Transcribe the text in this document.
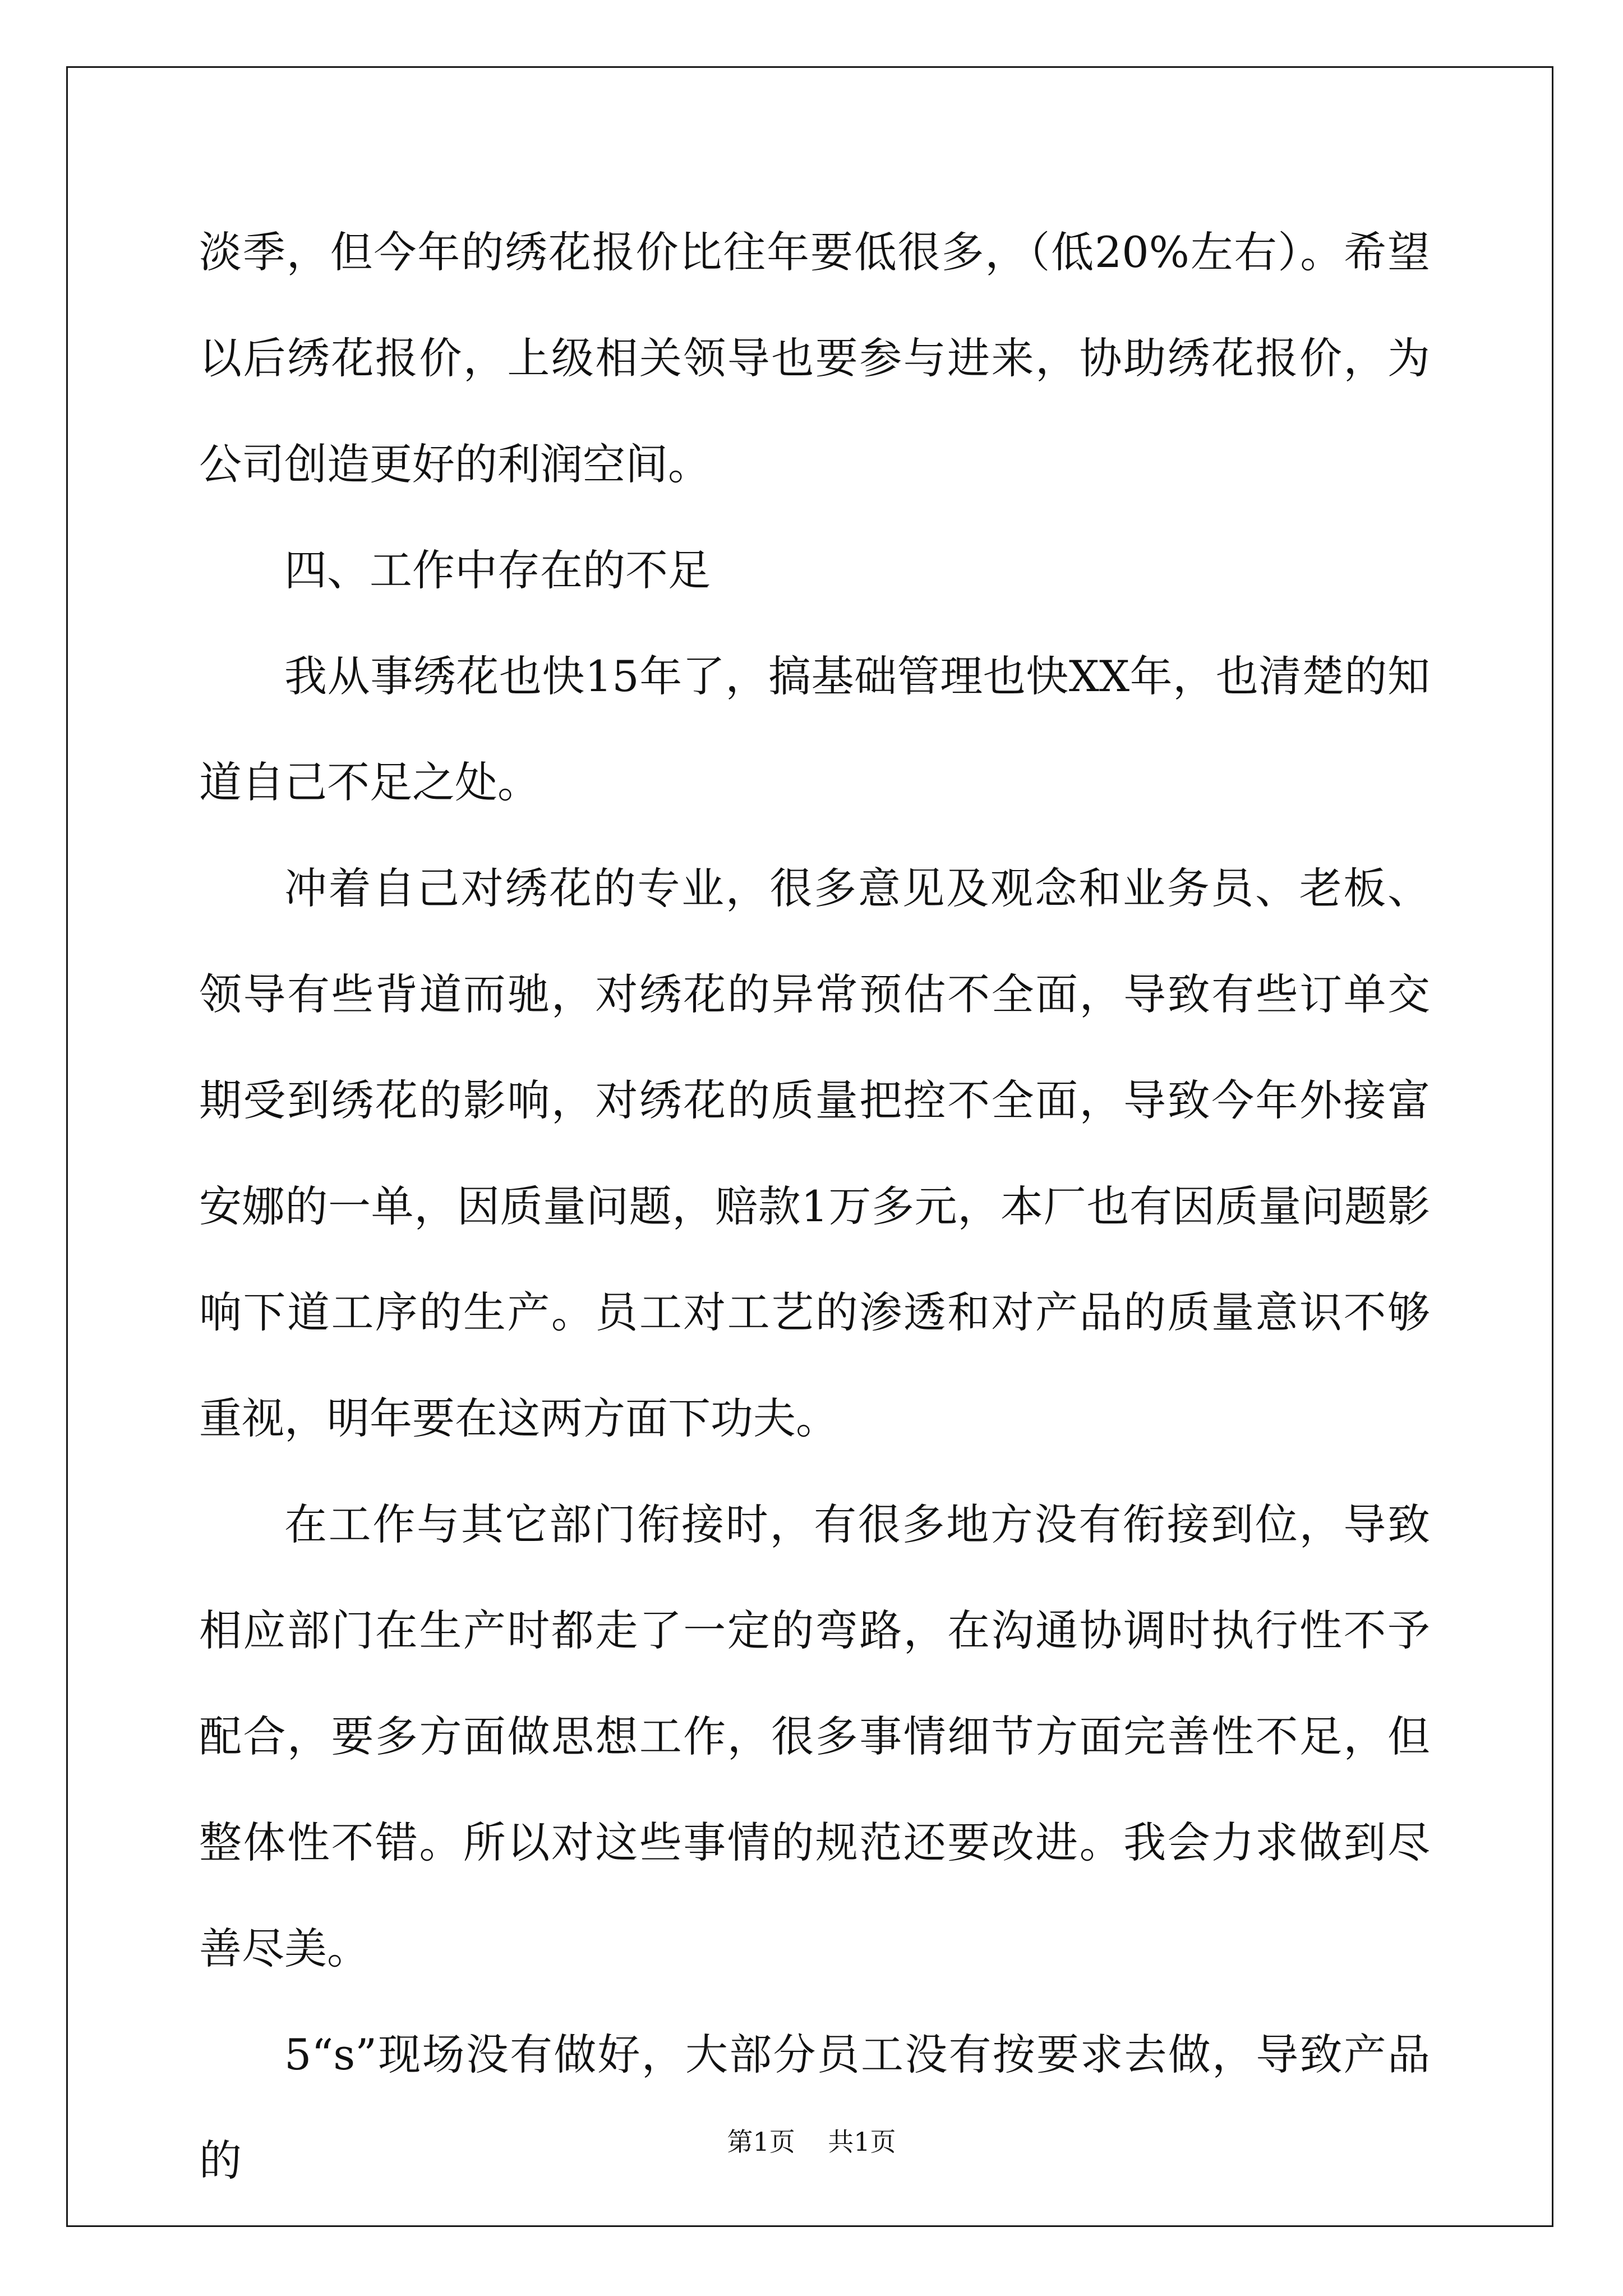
淡季，但今年的绣花报价比往年要低很多，（低20%左右）。希望以后绣花报价，上级相关领导也要参与进来，协助绣花报价，为公司创造更好的利润空间。

四、工作中存在的不足

我从事绣花也快15年了，搞基础管理也快XX年，也清楚的知道自己不足之处。

冲着自己对绣花的专业，很多意见及观念和业务员、老板、领导有些背道而驰，对绣花的异常预估不全面，导致有些订单交期受到绣花的影响，对绣花的质量把控不全面，导致今年外接富安娜的一单，因质量问题，赔款1万多元，本厂也有因质量问题影响下道工序的生产。员工对工艺的渗透和对产品的质量意识不够重视，明年要在这两方面下功夫。

在工作与其它部门衔接时，有很多地方没有衔接到位，导致相应部门在生产时都走了一定的弯路，在沟通协调时执行性不予配合，要多方面做思想工作，很多事情细节方面完善性不足，但整体性不错。所以对这些事情的规范还要改进。我会力求做到尽善尽美。

5“s”现场没有做好，大部分员工没有按要求去做，导致产品的	第1页    共1页
